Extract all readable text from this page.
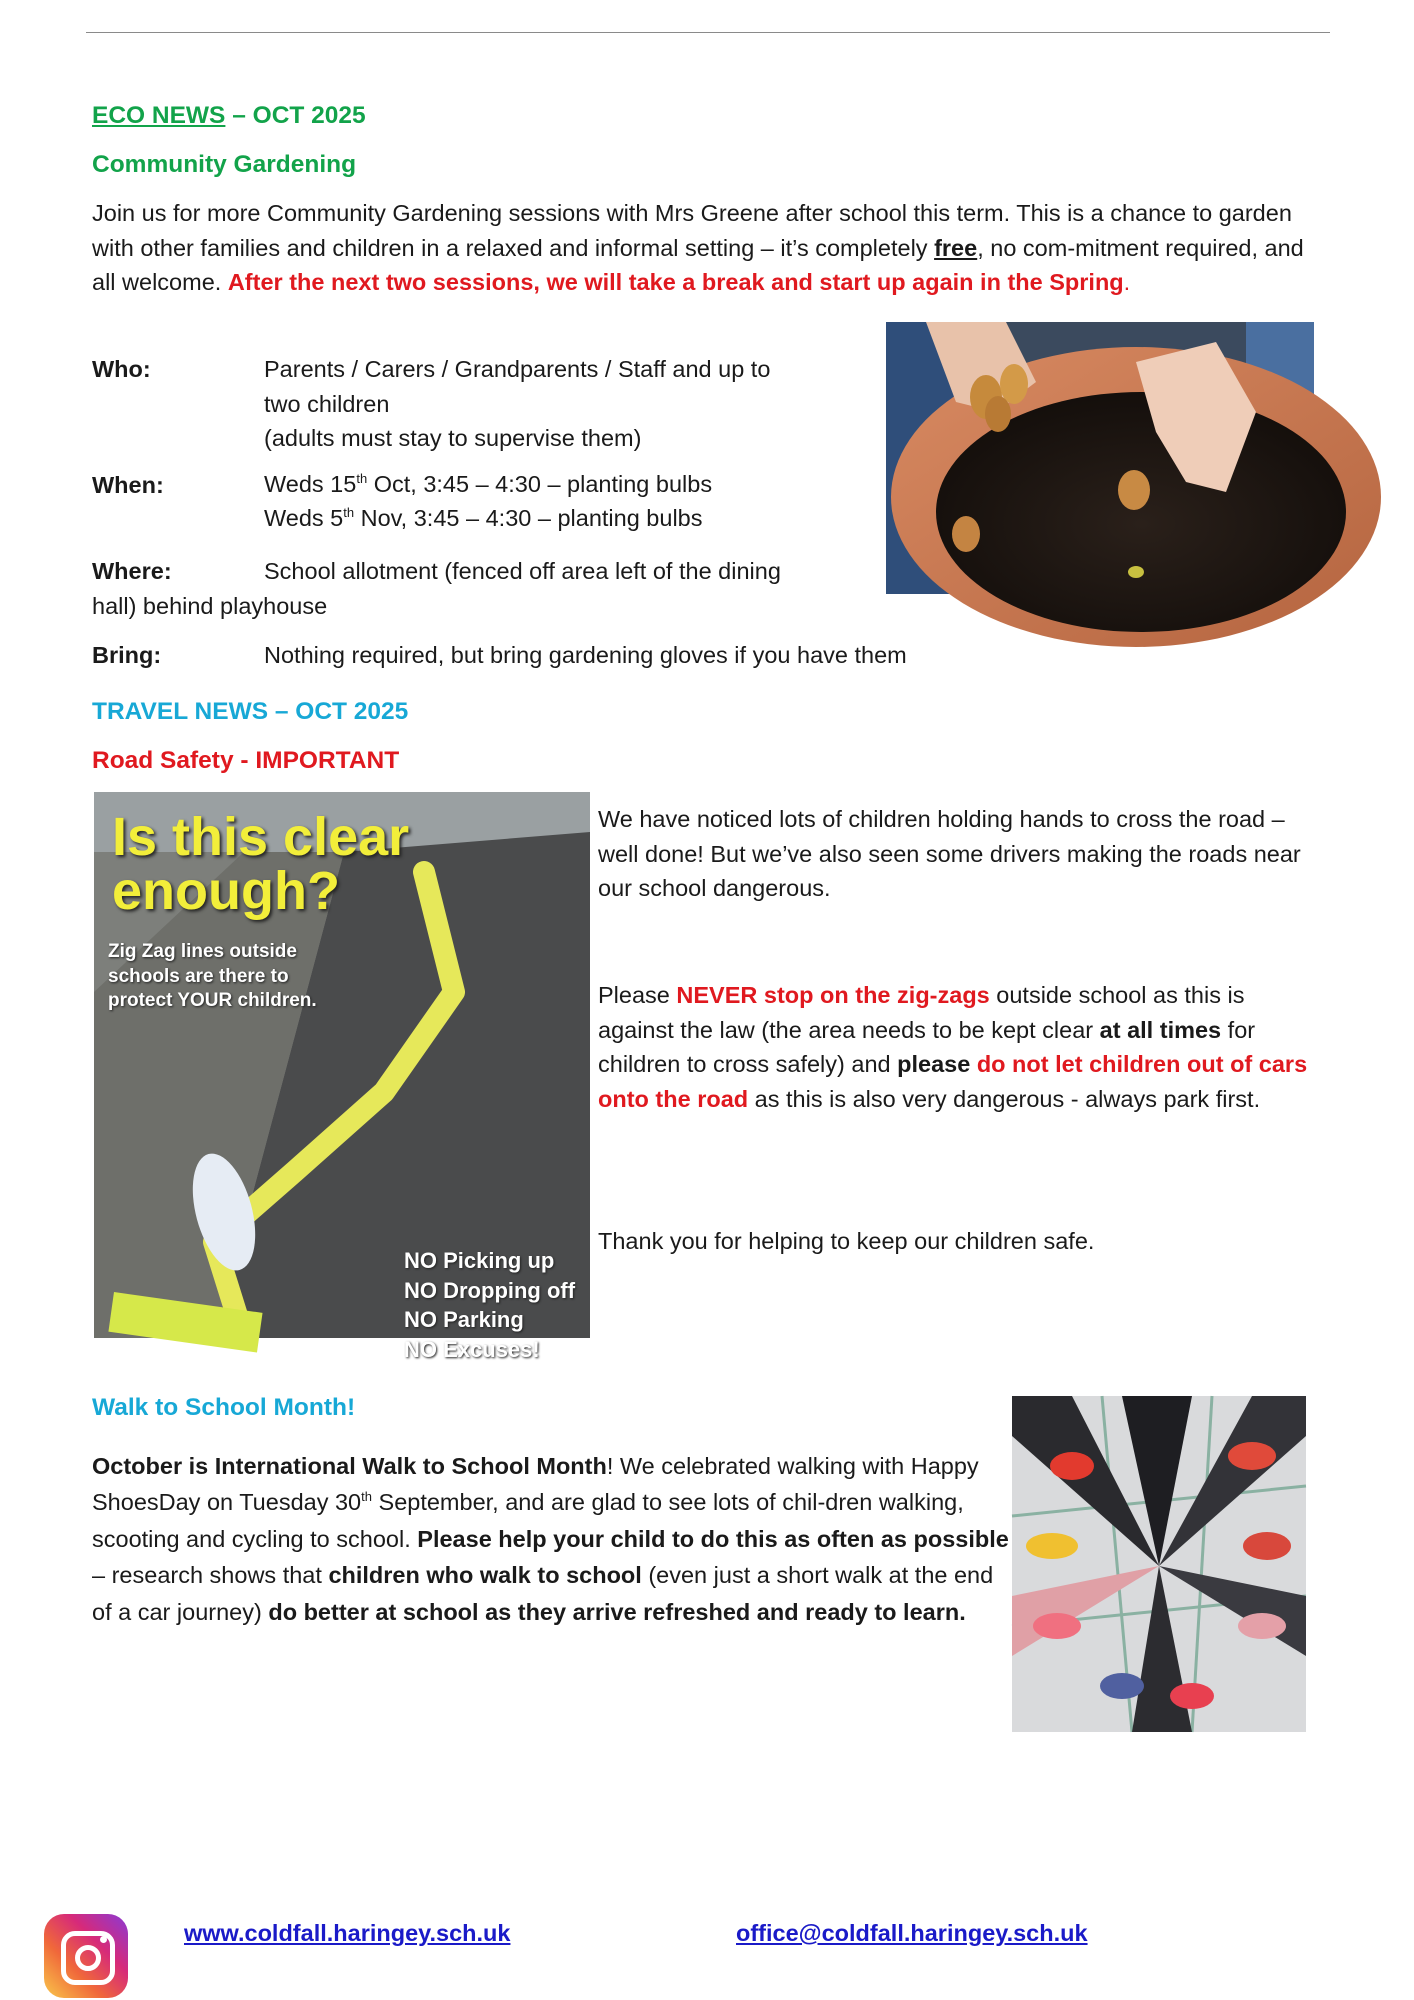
ECO NEWS – OCT 2025
Community Gardening

Join us for more Community Gardening sessions with Mrs Greene after school this term. This is a chance to garden with other families and children in a relaxed and informal setting – it’s completely free, no com-mitment required, and all welcome. After the next two sessions, we will take a break and start up again in the Spring.

Who:	Parents / Carers / Grandparents / Staff and up to
two children
(adults must stay to supervise them)
When:	Weds 15th Oct, 3:45 – 4:30 – planting bulbs
Weds 5th Nov, 3:45 – 4:30 – planting bulbs
Where:	School allotment (fenced off area left of the dining
hall) behind playhouse
Bring:	Nothing required, but bring gardening gloves if you have them
TRAVEL NEWS – OCT 2025
Road Safety - IMPORTANT
Is this clear
enough?
Zig Zag lines outside
schools are there to
protect YOUR children.
NO Picking up
NO Dropping off
NO Parking
NO Excuses!

We have noticed lots of children holding hands to cross the road – well done! But we’ve also seen some drivers making the roads near our school dangerous.

Please NEVER stop on the zig-zags outside school as this is against the law (the area needs to be kept clear at all times for children to cross safely) and please do not let children out of cars onto the road as this is also very dangerous - always park first.

Thank you for helping to keep our children safe.

Walk to School Month!

October is International Walk to School Month! We celebrated walking with Happy ShoesDay on Tuesday 30th September, and are glad to see lots of chil-dren walking, scooting and cycling to school. Please help your child to do this as often as possible – research shows that children who walk to school (even just a short walk at the end of a car journey) do better at school as they arrive refreshed and ready to learn.

www.coldfall.haringey.sch.uk	office@coldfall.haringey.sch.uk
